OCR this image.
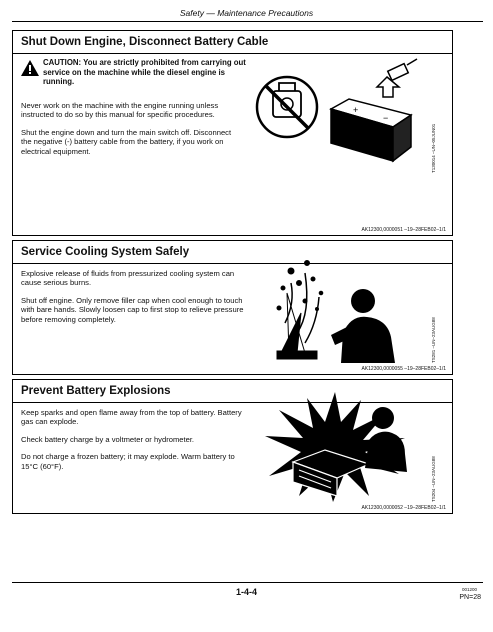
Safety — Maintenance Precautions
Shut Down Engine, Disconnect Battery Cable
CAUTION: You are strictly prohibited from carrying out service on the machine while the diesel engine is running.

Never work on the machine with the engine running unless instructed to do so by this manual for specific procedures.

Shut the engine down and turn the main switch off. Disconnect the negative (-) battery cable from the battery, if you work on electrical equipment.

+
−
T130014 –UN–05JUN01
AK12300,0000051 –19–28FEB02–1/1
Service Cooling System Safely

Explosive release of fluids from pressurized cooling system can cause serious burns.

Shut off engine. Only remove filler cap when cool enough to touch with bare hands. Slowly loosen cap to first stop to relieve pressure before removing completely.	TS281 –UN–23AUG88
AK12300,0000055 –19–28FEB02–1/1
Prevent Battery Explosions

Keep sparks and open flame away from the top of battery. Battery gas can explode.

Check battery charge by a voltmeter or hydrometer.

Do not charge a frozen battery; it may explode. Warm battery to 15°C (60°F).	TS204 –UN–23AUG88
AK12300,0000052 –19–28FEB02–1/1
1-4-4	001200
PN=28
